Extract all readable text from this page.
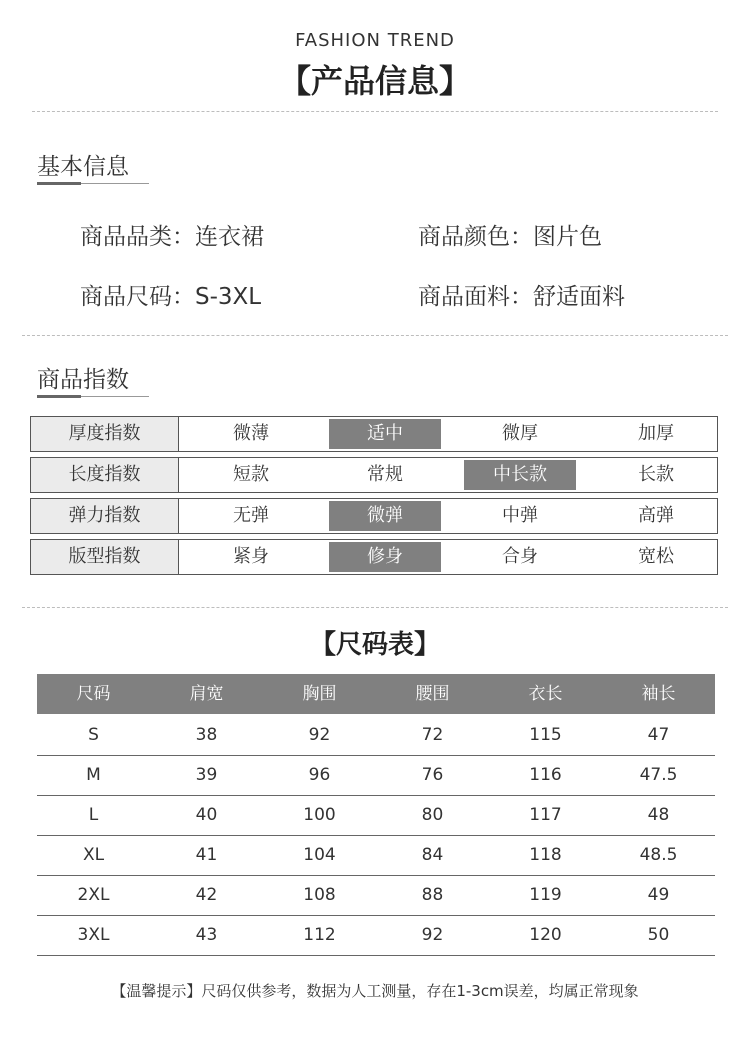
FASHION TREND
【产品信息】
基本信息
商品品类：连衣裙	商品颜色：图片色
商品尺码：S-3XL	商品面料：舒适面料
商品指数
厚度指数	微薄	适中	微厚	加厚
长度指数	短款	常规	中长款	长款
弹力指数	无弹	微弹	中弹	高弹
版型指数	紧身	修身	合身	宽松
【尺码表】
尺码	肩宽	胸围	腰围	衣长	袖长
S	38	92	72	115	47
M	39	96	76	116	47.5
L	40	100	80	117	48
XL	41	104	84	118	48.5
2XL	42	108	88	119	49
3XL	43	112	92	120	50
【温馨提示】尺码仅供参考，数据为人工测量，存在1-3cm误差，均属正常现象
